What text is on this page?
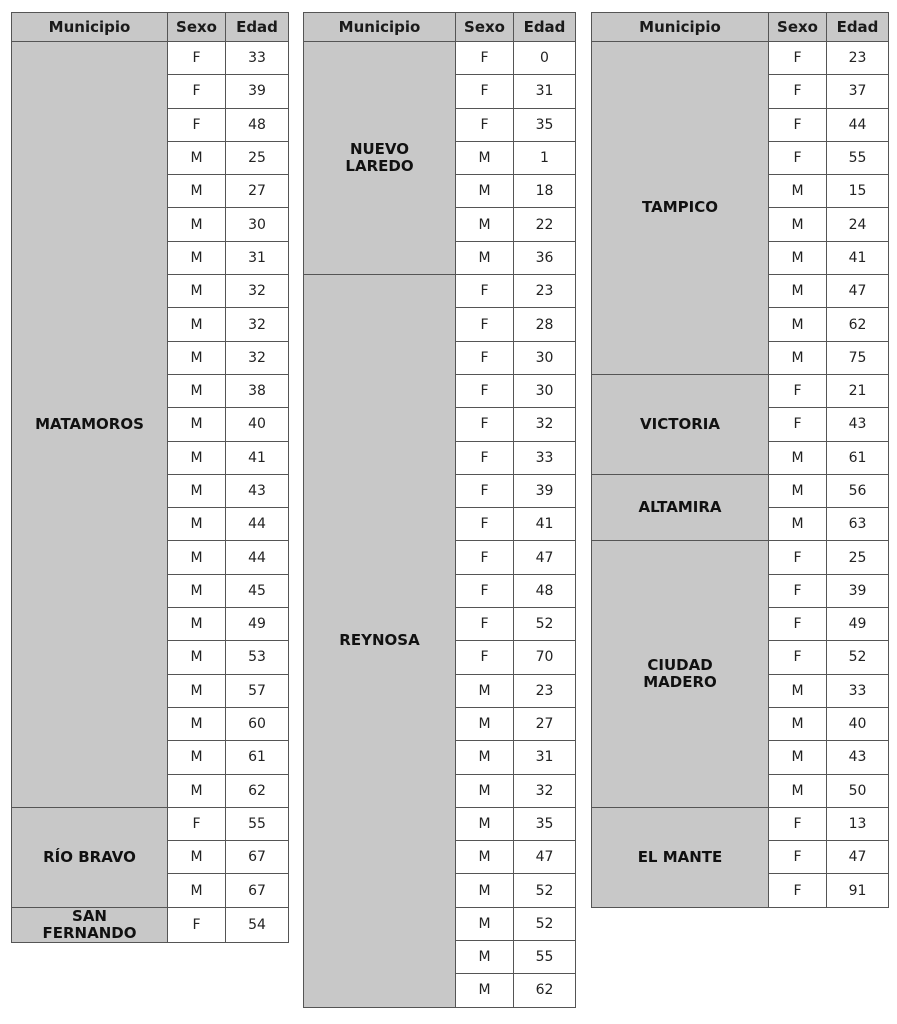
Municipio	Sexo	Edad
MATAMOROS	F	33
	F	39
	F	48
	M	25
	M	27
	M	30
	M	31
	M	32
	M	32
	M	32
	M	38
	M	40
	M	41
	M	43
	M	44
	M	44
	M	45
	M	49
	M	53
	M	57
	M	60
	M	61
	M	62
RÍO BRAVO	F	55
	M	67
	M	67
SAN
FERNANDO	F	54
Municipio	Sexo	Edad
NUEVO
LAREDO	F	0
	F	31
	F	35
	M	1
	M	18
	M	22
	M	36
REYNOSA	F	23
	F	28
	F	30
	F	30
	F	32
	F	33
	F	39
	F	41
	F	47
	F	48
	F	52
	F	70
	M	23
	M	27
	M	31
	M	32
	M	35
	M	47
	M	52
	M	52
	M	55
	M	62
Municipio	Sexo	Edad
TAMPICO	F	23
	F	37
	F	44
	F	55
	M	15
	M	24
	M	41
	M	47
	M	62
	M	75
VICTORIA	F	21
	F	43
	M	61
ALTAMIRA	M	56
	M	63
CIUDAD
MADERO	F	25
	F	39
	F	49
	F	52
	M	33
	M	40
	M	43
	M	50
EL MANTE	F	13
	F	47
	F	91
